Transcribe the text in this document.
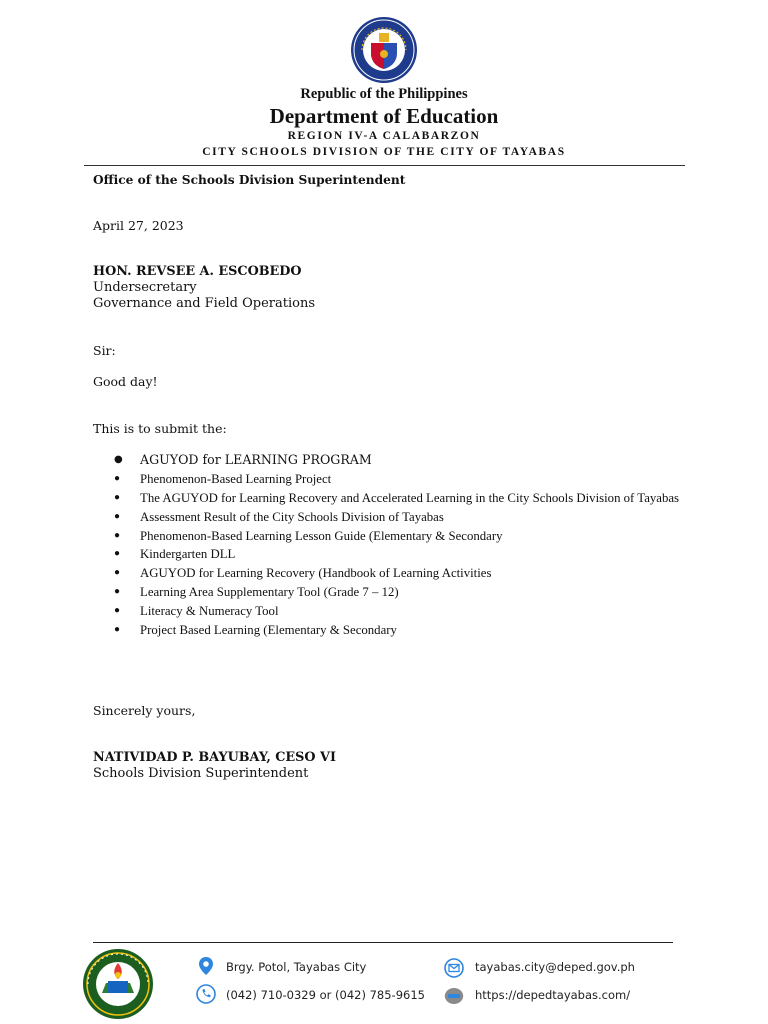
Republic of the Philippines
Department of Education
REGION IV-A CALABARZON
CITY SCHOOLS DIVISION OF THE CITY OF TAYABAS
Office of the Schools Division Superintendent
April 27, 2023
HON. REVSEE A. ESCOBEDO
Undersecretary
Governance and Field Operations
Sir:
Good day!
This is to submit the:
● AGUYOD for LEARNING PROGRAM
● Phenomenon-Based Learning Project
● The AGUYOD for Learning Recovery and Accelerated Learning in the City Schools Division of Tayabas
● Assessment Result of the City Schools Division of Tayabas
● Phenomenon-Based Learning Lesson Guide (Elementary & Secondary
● Kindergarten DLL
● AGUYOD for Learning Recovery (Handbook of Learning Activities
● Learning Area Supplementary Tool (Grade 7 – 12)
● Literacy & Numeracy Tool
● Project Based Learning (Elementary & Secondary
Sincerely yours,
NATIVIDAD P. BAYUBAY, CESO VI
Schools Division Superintendent
Brgy. Potol, Tayabas City
(042) 710-0329 or (042) 785-9615
tayabas.city@deped.gov.ph
https://depedtayabas.com/
